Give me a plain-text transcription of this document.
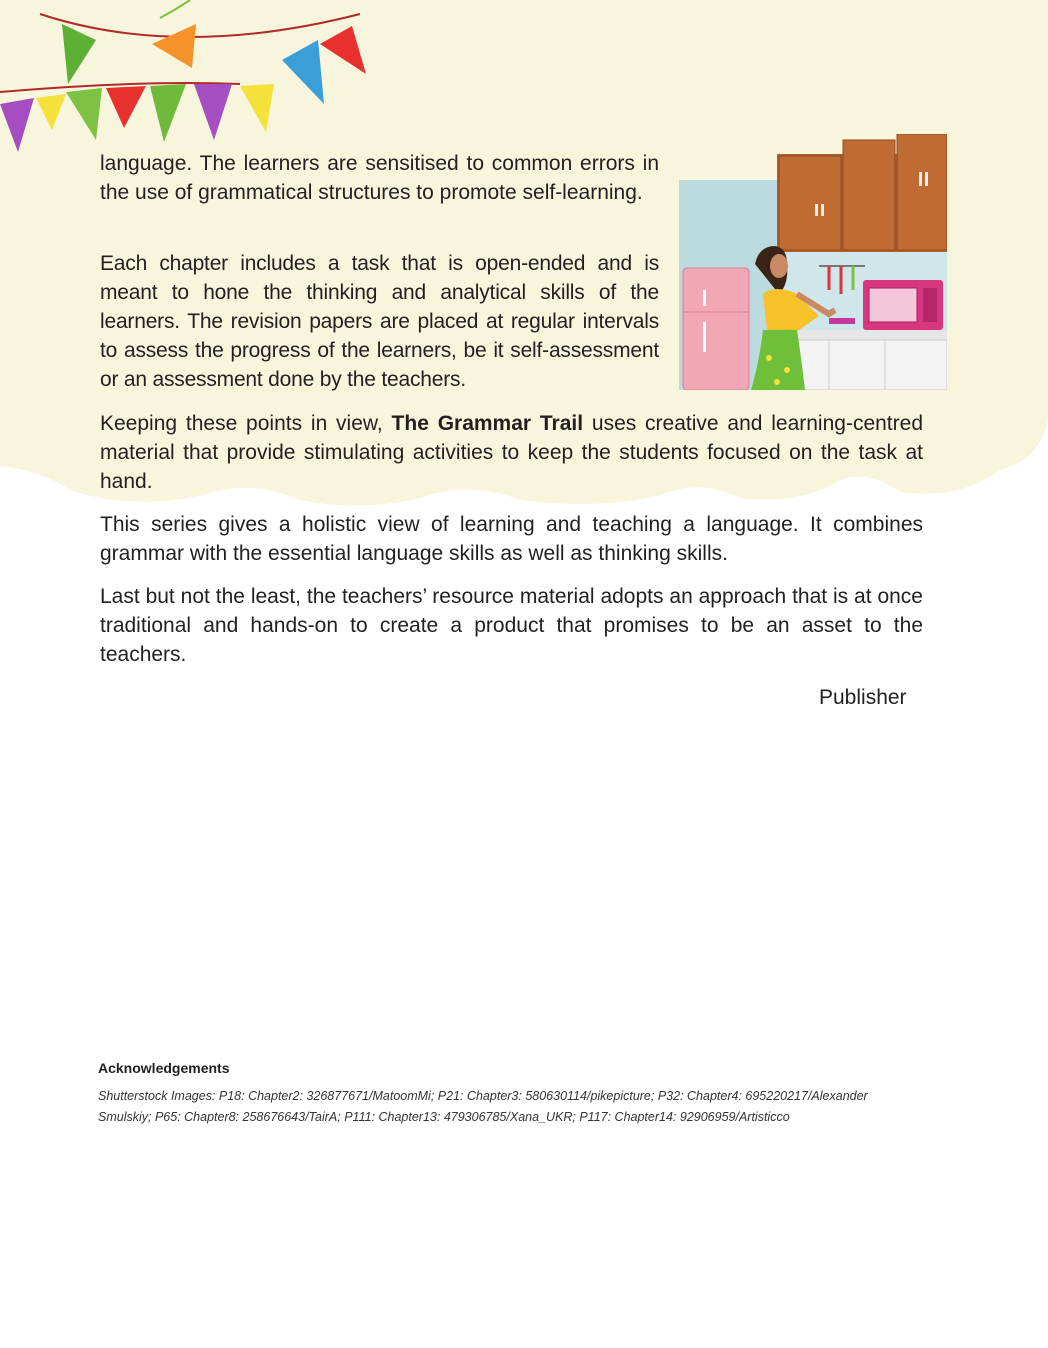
language. The learners are sensitised to common errors in the use of grammatical structures to promote self-learning.

Each chapter includes a task that is open-ended and is meant to hone the thinking and analytical skills of the learners. The revision papers are placed at regular intervals to assess the progress of the learners, be it self-assessment or an assessment done by the teachers.

Keeping these points in view, The Grammar Trail uses creative and learning-centred material that provide stimulating activities to keep the students focused on the task at hand.

This series gives a holistic view of learning and teaching a language. It combines grammar with the essential language skills as well as thinking skills.

Last but not the least, the teachers’ resource material adopts an approach that is at once traditional and hands-on to create a product that promises to be an asset to the teachers.

Publisher
Acknowledgements
Shutterstock Images: P18: Chapter2: 326877671/MatoomMi; P21: Chapter3: 580630114/pikepicture; P32: Chapter4: 695220217/Alexander Smulskiy; P65: Chapter8: 258676643/TairA; P111: Chapter13: 479306785/Xana_UKR; P117: Chapter14: 92906959/Artisticco
